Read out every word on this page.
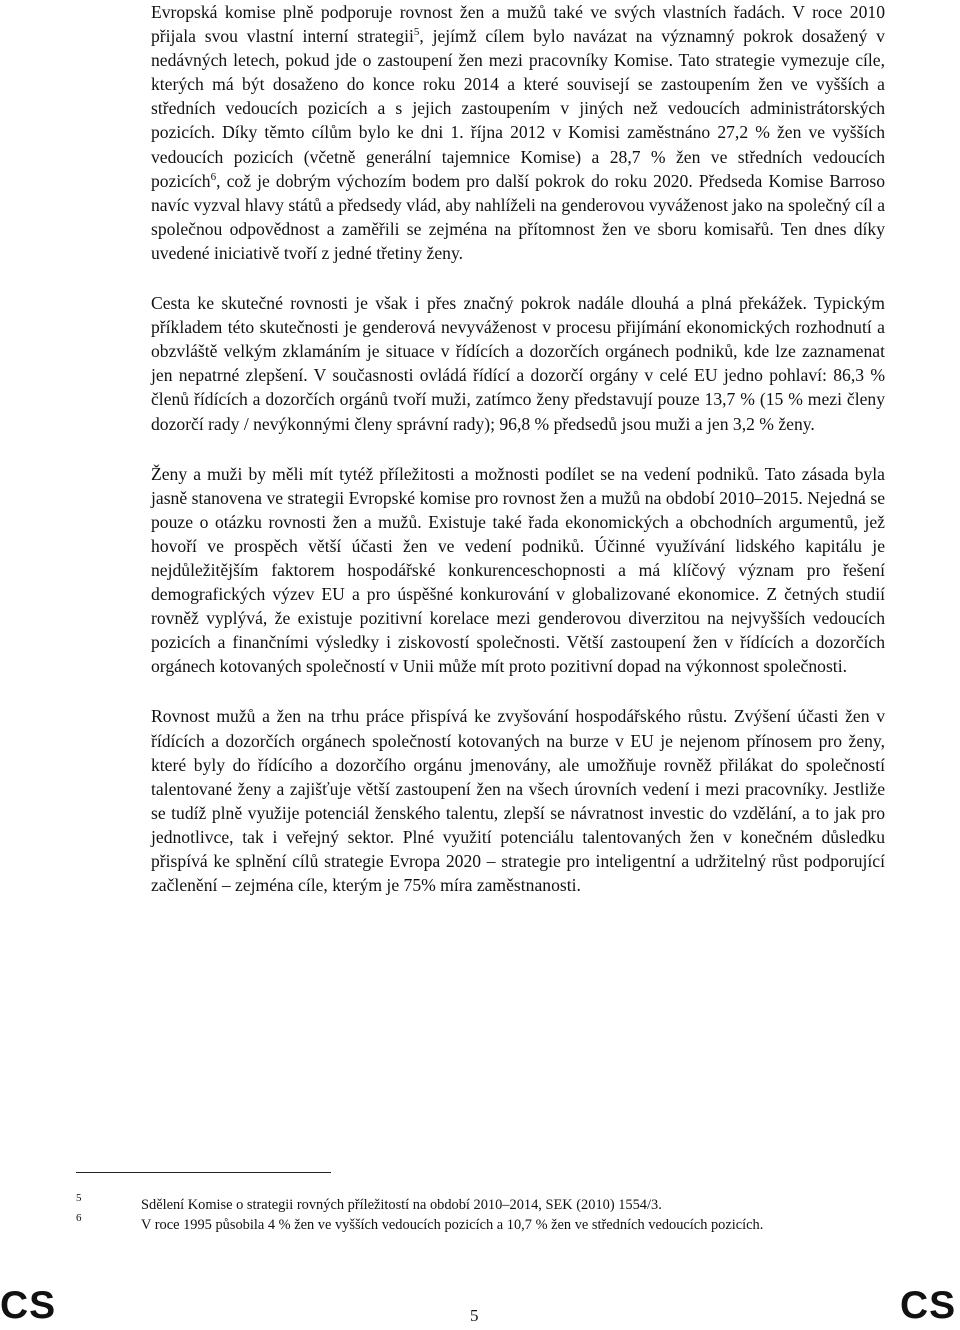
Evropská komise plně podporuje rovnost žen a mužů také ve svých vlastních řadách. V roce 2010 přijala svou vlastní interní strategii$^5$, jejímž cílem bylo navázat na významný pokrok dosažený v nedávných letech, pokud jde o zastoupení žen mezi pracovníky Komise. Tato strategie vymezuje cíle, kterých má být dosaženo do konce roku 2014 a které souvisejí se zastoupením žen ve vyšších a středních vedoucích pozicích a s jejich zastoupením v jiných než vedoucích administrátorských pozicích. Díky těmto cílům bylo ke dni 1. října 2012 v Komisi zaměstnáno 27,2 % žen ve vyšších vedoucích pozicích (včetně generální tajemnice Komise) a 28,7 % žen ve středních vedoucích pozicích$^6$, což je dobrým výchozím bodem pro další pokrok do roku 2020. Předseda Komise Barroso navíc vyzval hlavy států a předsedy vlád, aby nahlíželi na genderovou vyváženost jako na společný cíl a společnou odpovědnost a zaměřili se zejména na přítomnost žen ve sboru komisařů. Ten dnes díky uvedené iniciativě tvoří z jedné třetiny ženy.

Cesta ke skutečné rovnosti je však i přes značný pokrok nadále dlouhá a plná překážek. Typickým příkladem této skutečnosti je genderová nevyváženost v procesu přijímání ekonomických rozhodnutí a obzvláště velkým zklamáním je situace v řídících a dozorčích orgánech podniků, kde lze zaznamenat jen nepatrné zlepšení. V současnosti ovládá řídící a dozorčí orgány v celé EU jedno pohlaví: 86,3 % členů řídících a dozorčích orgánů tvoří muži, zatímco ženy představují pouze 13,7 % (15 % mezi členy dozorčí rady / nevýkonnými členy správní rady); 96,8 % předsedů jsou muži a jen 3,2 % ženy.

Ženy a muži by měli mít tytéž příležitosti a možnosti podílet se na vedení podniků. Tato zásada byla jasně stanovena ve strategii Evropské komise pro rovnost žen a mužů na období 2010–2015. Nejedná se pouze o otázku rovnosti žen a mužů. Existuje také řada ekonomických a obchodních argumentů, jež hovoří ve prospěch větší účasti žen ve vedení podniků. Účinné využívání lidského kapitálu je nejdůležitějším faktorem hospodářské konkurenceschopnosti a má klíčový význam pro řešení demografických výzev EU a pro úspěšné konkurování v globalizované ekonomice. Z četných studií rovněž vyplývá, že existuje pozitivní korelace mezi genderovou diverzitou na nejvyšších vedoucích pozicích a finančními výsledky i ziskovostí společnosti. Větší zastoupení žen v řídících a dozorčích orgánech kotovaných společností v Unii může mít proto pozitivní dopad na výkonnost společnosti.

Rovnost mužů a žen na trhu práce přispívá ke zvyšování hospodářského růstu. Zvýšení účasti žen v řídících a dozorčích orgánech společností kotovaných na burze v EU je nejenom přínosem pro ženy, které byly do řídícího a dozorčího orgánu jmenovány, ale umožňuje rovněž přilákat do společností talentované ženy a zajišťuje větší zastoupení žen na všech úrovních vedení i mezi pracovníky. Jestliže se tudíž plně využije potenciál ženského talentu, zlepší se návratnost investic do vzdělání, a to jak pro jednotlivce, tak i veřejný sektor. Plné využití potenciálu talentovaných žen v konečném důsledku přispívá ke splnění cílů strategie Evropa 2020 – strategie pro inteligentní a udržitelný růst podporující začlenění – zejména cíle, kterým je 75% míra zaměstnanosti.

5	Sdělení Komise o strategii rovných příležitostí na období 2010–2014, SEK (2010) 1554/3.
6	V roce 1995 působila 4 % žen ve vyšších vedoucích pozicích a 10,7 % žen ve středních vedoucích pozicích.
CS	5	CS
